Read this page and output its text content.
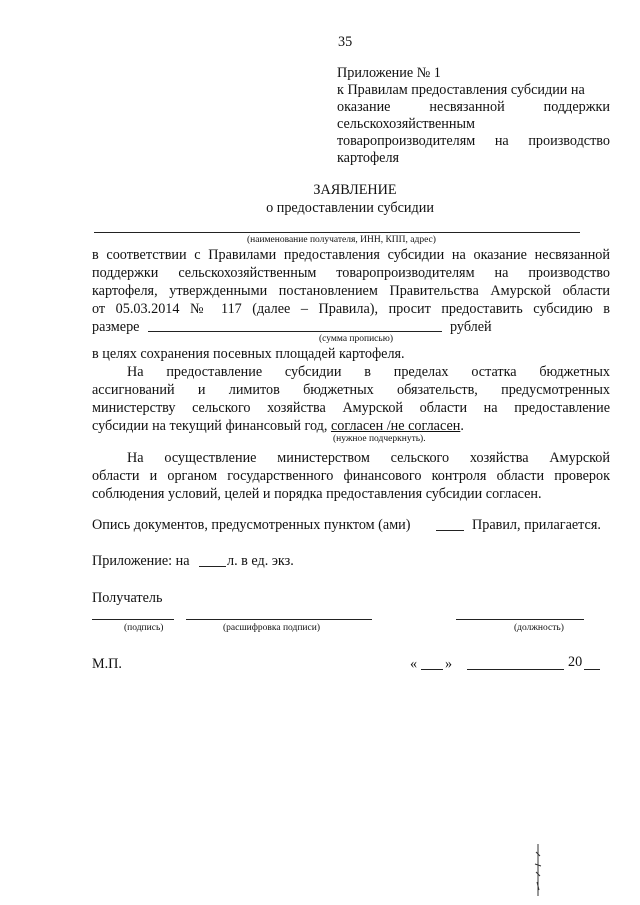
35
Приложение № 1
к Правилам предоставления субсидии на
оказание несвязанной поддержки
сельскохозяйственным
товаропроизводителям на производство
картофеля
ЗАЯВЛЕНИЕ
о предоставлении субсидии
(наименование получателя, ИНН, КПП, адрес)
в соответствии с Правилами предоставления субсидии на оказание несвязанной
поддержки сельскохозяйственным товаропроизводителям на производство
картофеля, утвержденными постановлением Правительства Амурской области
от 05.03.2014 № 117 (далее – Правила), просит предоставить субсидию в
размере	рублей
(сумма прописью)
в целях сохранения посевных площадей картофеля.
На предоставление субсидии в пределах остатка бюджетных
ассигнований и лимитов бюджетных обязательств, предусмотренных
министерству сельского хозяйства Амурской области на предоставление
субсидии на текущий финансовый год, согласен /не согласен.
(нужное подчеркнуть).
На осуществление министерством сельского хозяйства Амурской
области и органом государственного финансового контроля области проверок
соблюдения условий, целей и порядка предоставления субсидии согласен.
Опись документов, предусмотренных пунктом (ами)	Правил, прилагается.
Приложение: на	л. в ед. экз.
Получатель
(подпись)	(расшифровка подписи)	(должность)
М.П.	« »	20
